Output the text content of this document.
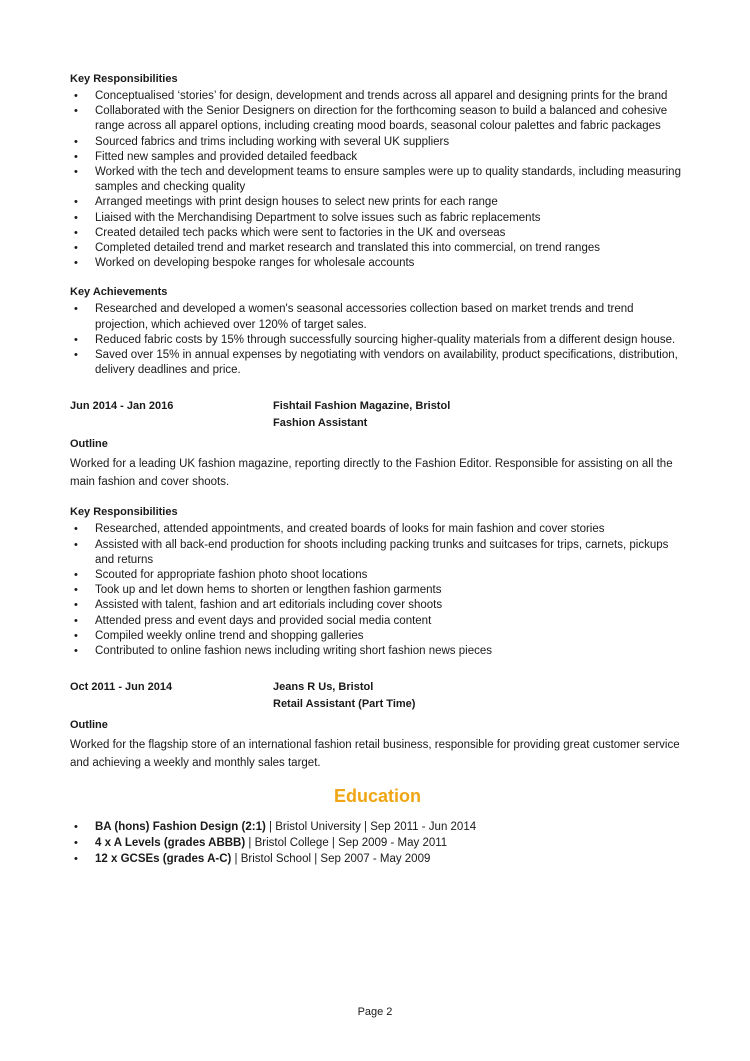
Key Responsibilities
• Conceptualised ‘stories’ for design, development and trends across all apparel and designing prints for the brand
• Collaborated with the Senior Designers on direction for the forthcoming season to build a balanced and cohesive range across all apparel options, including creating mood boards, seasonal colour palettes and fabric packages
• Sourced fabrics and trims including working with several UK suppliers
• Fitted new samples and provided detailed feedback
• Worked with the tech and development teams to ensure samples were up to quality standards, including measuring samples and checking quality
• Arranged meetings with print design houses to select new prints for each range
• Liaised with the Merchandising Department to solve issues such as fabric replacements
• Created detailed tech packs which were sent to factories in the UK and overseas
• Completed detailed trend and market research and translated this into commercial, on trend ranges
• Worked on developing bespoke ranges for wholesale accounts
Key Achievements
• Researched and developed a women's seasonal accessories collection based on market trends and trend projection, which achieved over 120% of target sales.
• Reduced fabric costs by 15% through successfully sourcing higher-quality materials from a different design house.
• Saved over 15% in annual expenses by negotiating with vendors on availability, product specifications, distribution, delivery deadlines and price.
Jun 2014 - Jan 2016	Fishtail Fashion Magazine, Bristol
Fashion Assistant
Outline

Worked for a leading UK fashion magazine, reporting directly to the Fashion Editor. Responsible for assisting on all the main fashion and cover shoots.

Key Responsibilities
• Researched, attended appointments, and created boards of looks for main fashion and cover stories
• Assisted with all back-end production for shoots including packing trunks and suitcases for trips, carnets, pickups and returns
• Scouted for appropriate fashion photo shoot locations
• Took up and let down hems to shorten or lengthen fashion garments
• Assisted with talent, fashion and art editorials including cover shoots
• Attended press and event days and provided social media content
• Compiled weekly online trend and shopping galleries
• Contributed to online fashion news including writing short fashion news pieces
Oct 2011 - Jun 2014	Jeans R Us, Bristol
Retail Assistant (Part Time)
Outline

Worked for the flagship store of an international fashion retail business, responsible for providing great customer service and achieving a weekly and monthly sales target.

Education
• BA (hons) Fashion Design (2:1) | Bristol University | Sep 2011 - Jun 2014
• 4 x A Levels (grades ABBB) | Bristol College | Sep 2009 - May 2011
• 12 x GCSEs (grades A-C) | Bristol School | Sep 2007 - May 2009
Page 2
